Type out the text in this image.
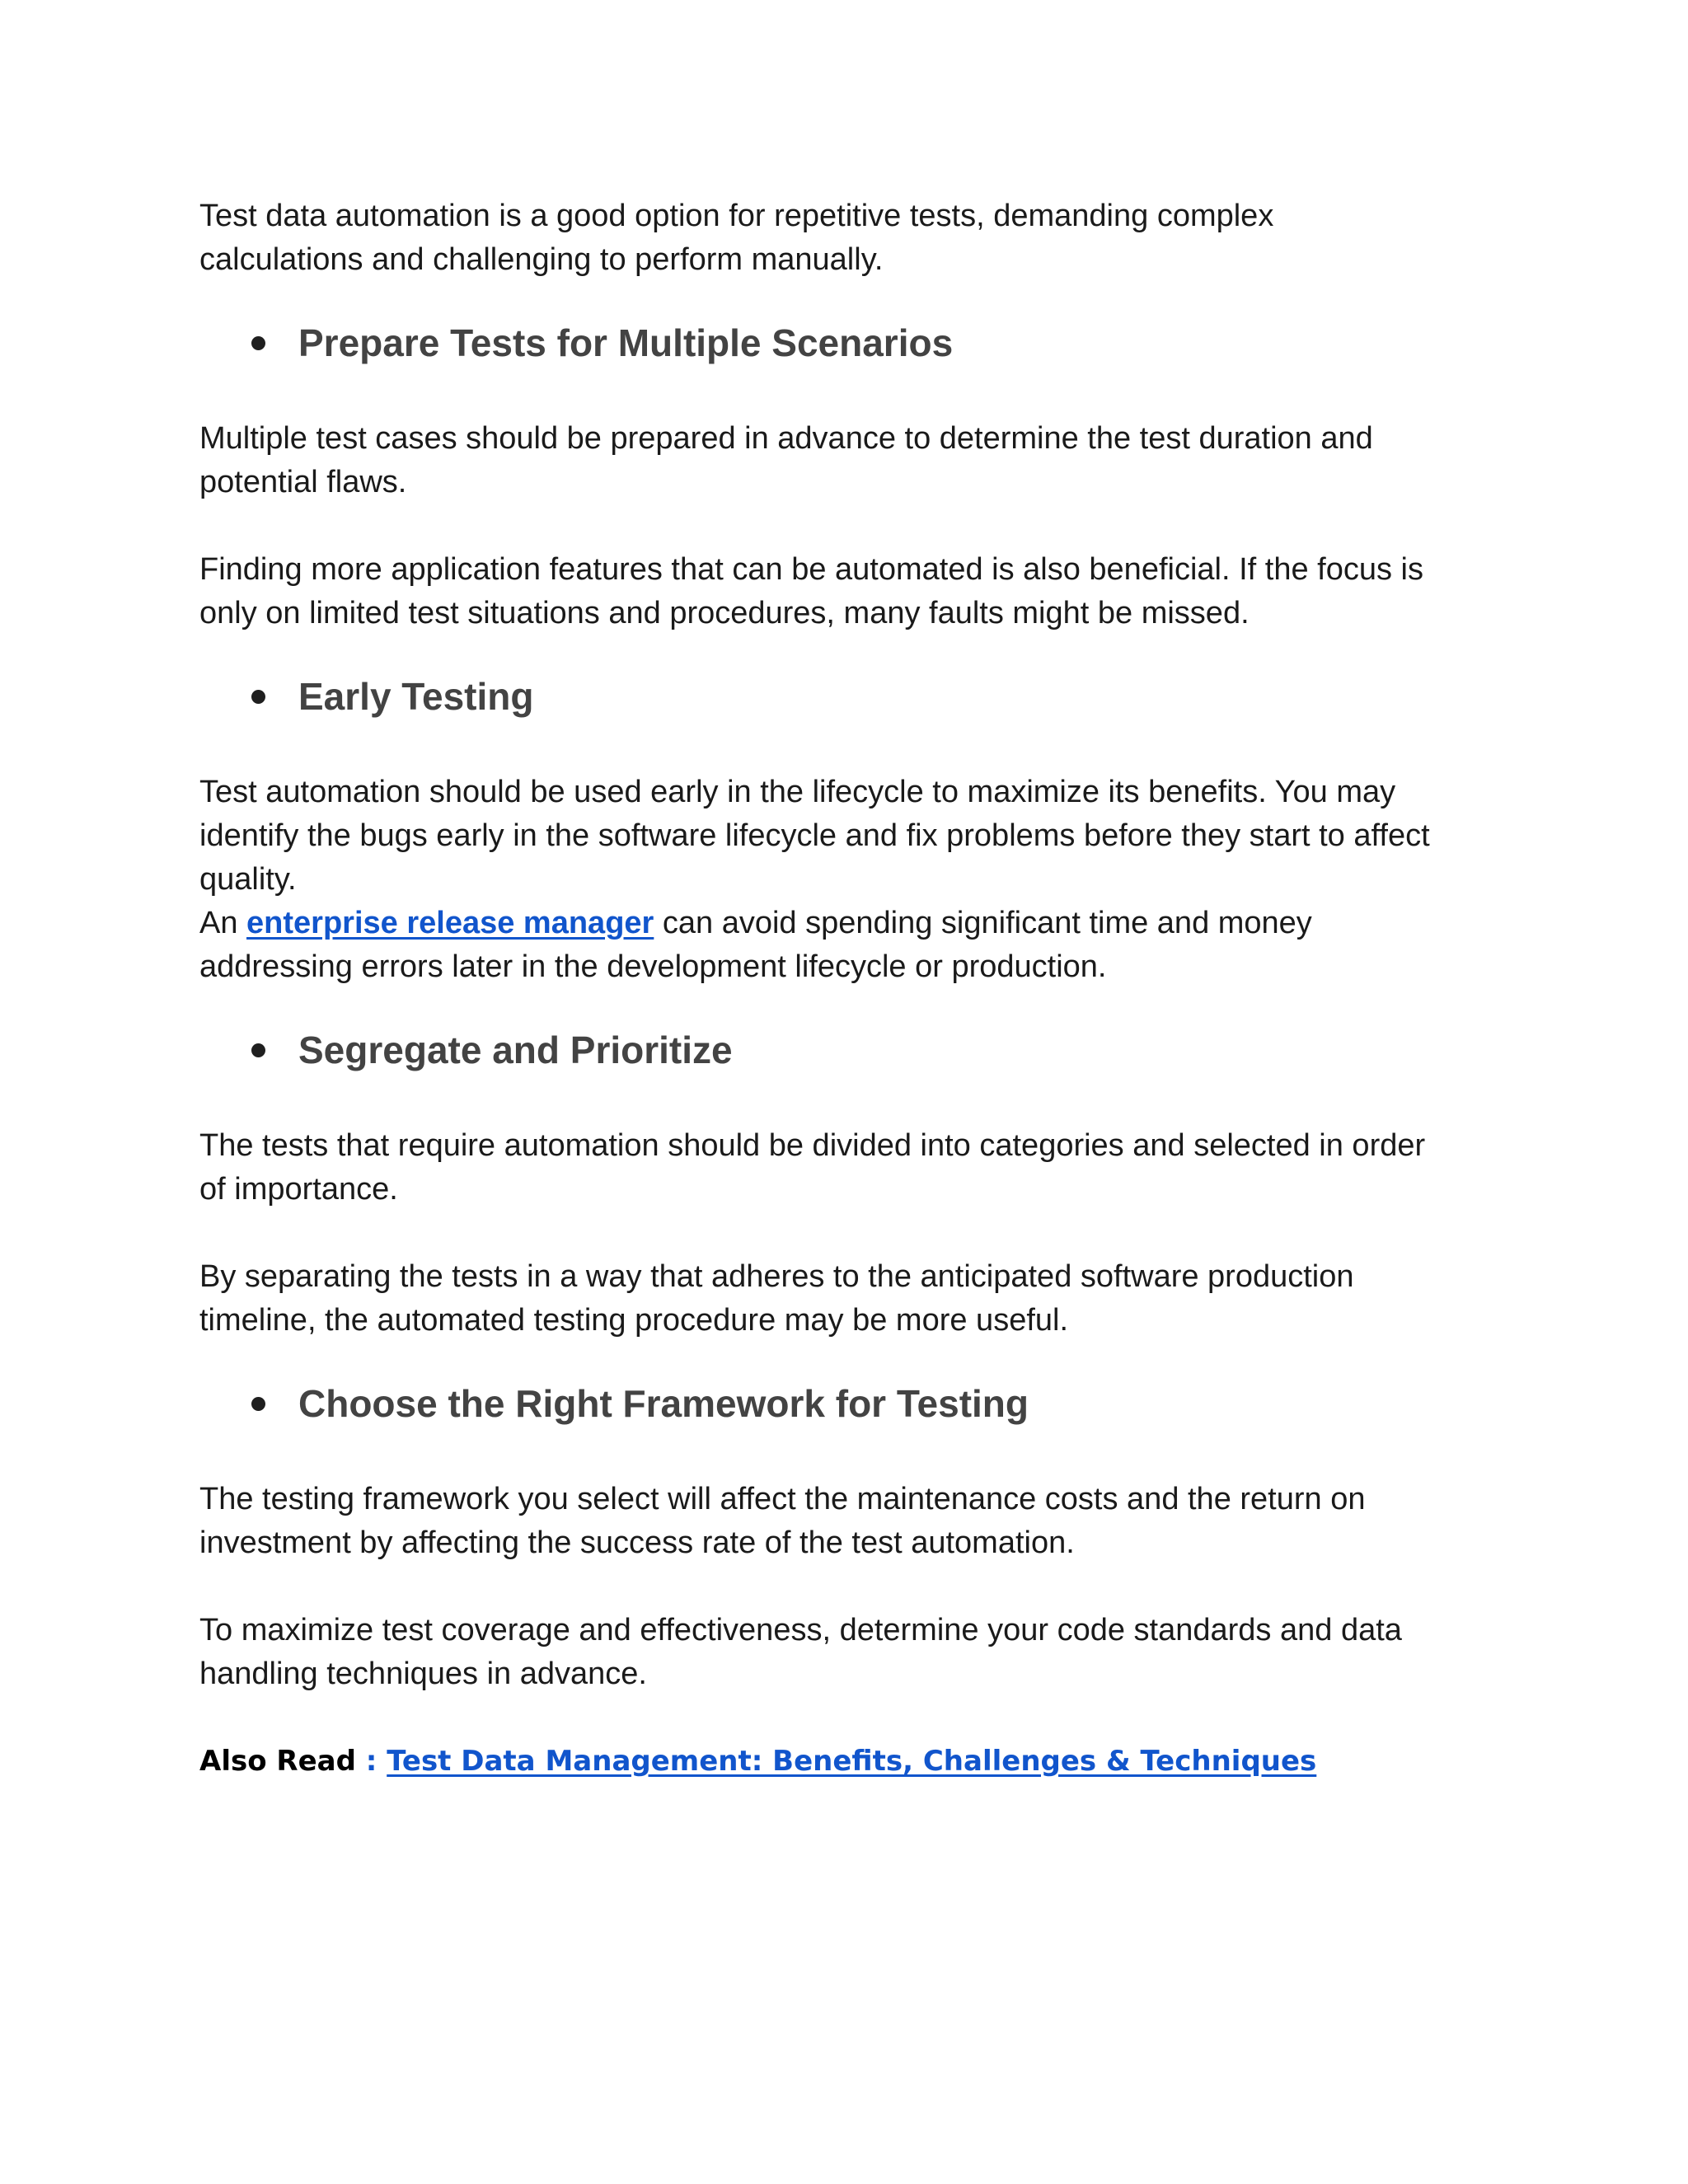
Test data automation is a good option for repetitive tests, demanding complex calculations and challenging to perform manually.

Prepare Tests for Multiple Scenarios

Multiple test cases should be prepared in advance to determine the test duration and potential flaws.

Finding more application features that can be automated is also beneficial. If the focus is only on limited test situations and procedures, many faults might be missed.

Early Testing

Test automation should be used early in the lifecycle to maximize its benefits. You may identify the bugs early in the software lifecycle and fix problems before they start to affect quality.

An enterprise release manager can avoid spending significant time and money addressing errors later in the development lifecycle or production.

Segregate and Prioritize

The tests that require automation should be divided into categories and selected in order of importance.

By separating the tests in a way that adheres to the anticipated software production timeline, the automated testing procedure may be more useful.

Choose the Right Framework for Testing

The testing framework you select will affect the maintenance costs and the return on investment by affecting the success rate of the test automation.

To maximize test coverage and effectiveness, determine your code standards and data handling techniques in advance.

Also Read : Test Data Management: Benefits, Challenges & Techniques
